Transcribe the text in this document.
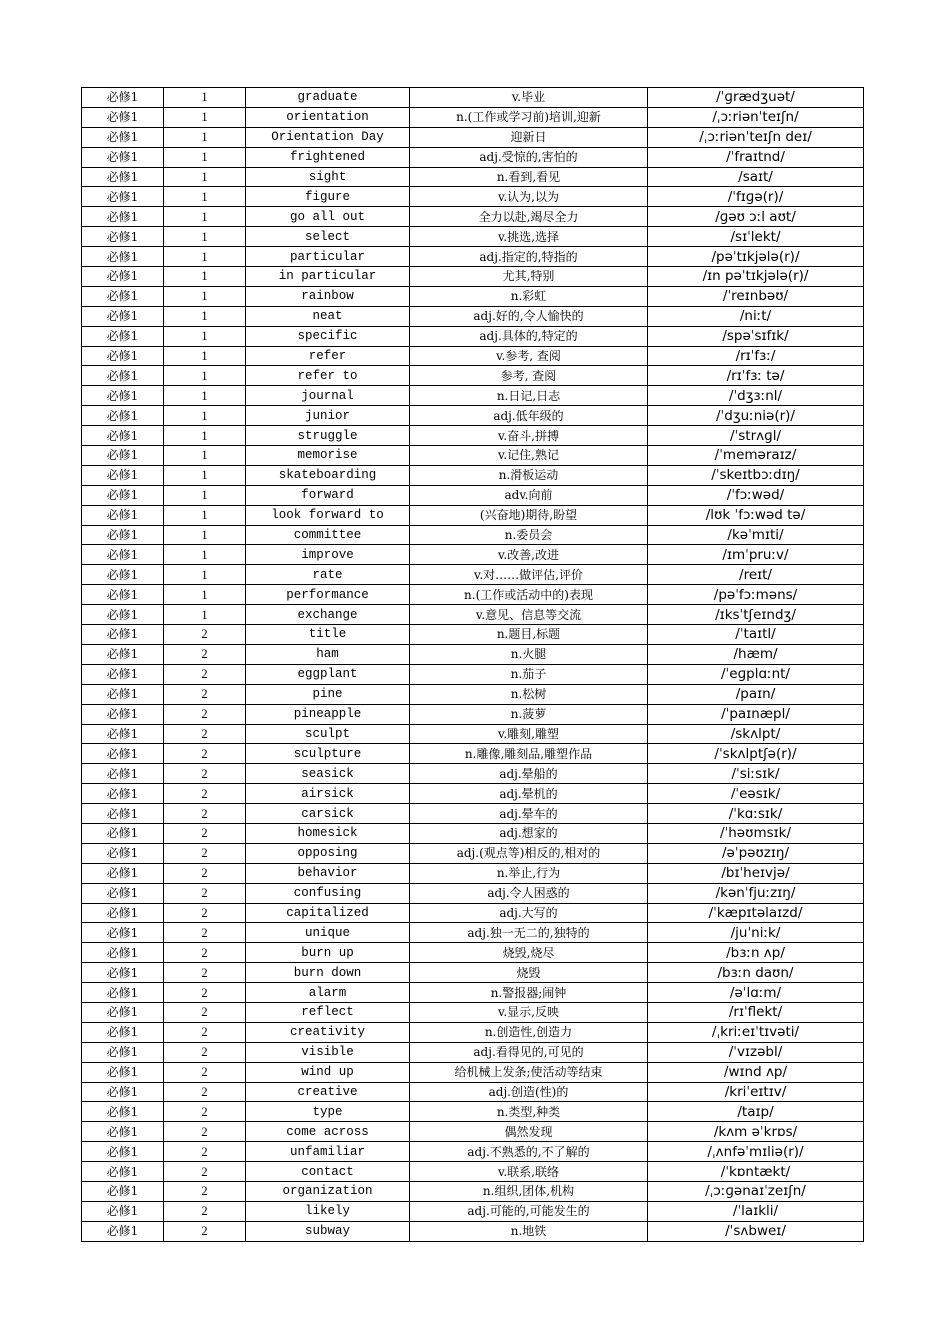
必修1	1	graduate	v.毕业	/ˈɡrædʒuət/
必修1	1	orientation	n.(工作或学习前)培训,迎新	/ˌɔːriənˈteɪʃn/
必修1	1	Orientation Day	迎新日	/ˌɔːriənˈteɪʃn deɪ/
必修1	1	frightened	adj.受惊的,害怕的	/ˈfraɪtnd/
必修1	1	sight	n.看到,看见	/saɪt/
必修1	1	figure	v.认为,以为	/ˈfɪɡə(r)/
必修1	1	go all out	全力以赴,竭尽全力	/ɡəʊ ɔːl aʊt/
必修1	1	select	v.挑选,选择	/sɪˈlekt/
必修1	1	particular	adj.指定的,特指的	/pəˈtɪkjələ(r)/
必修1	1	in particular	尤其,特别	/ɪn pəˈtɪkjələ(r)/
必修1	1	rainbow	n.彩虹	/ˈreɪnbəʊ/
必修1	1	neat	adj.好的,令人愉快的	/niːt/
必修1	1	specific	adj.具体的,特定的	/spəˈsɪfɪk/
必修1	1	refer	v.参考, 查阅	/rɪˈfɜː/
必修1	1	refer to	参考, 查阅	/rɪˈfɜː tə/
必修1	1	journal	n.日记,日志	/ˈdʒɜːnl/
必修1	1	junior	adj.低年级的	/ˈdʒuːniə(r)/
必修1	1	struggle	v.奋斗,拼搏	/ˈstrʌɡl/
必修1	1	memorise	v.记住,熟记	/ˈmeməraɪz/
必修1	1	skateboarding	n.滑板运动	/ˈskeɪtbɔːdɪŋ/
必修1	1	forward	adv.向前	/ˈfɔːwəd/
必修1	1	look forward to	(兴奋地)期待,盼望	/lʊk ˈfɔːwəd tə/
必修1	1	committee	n.委员会	/kəˈmɪti/
必修1	1	improve	v.改善,改进	/ɪmˈpruːv/
必修1	1	rate	v.对……做评估,评价	/reɪt/
必修1	1	performance	n.(工作或活动中的)表现	/pəˈfɔːməns/
必修1	1	exchange	v.意见、信息等交流	/ɪksˈtʃeɪndʒ/
必修1	2	title	n.题目,标题	/ˈtaɪtl/
必修1	2	ham	n.火腿	/hæm/
必修1	2	eggplant	n.茄子	/ˈeɡplɑːnt/
必修1	2	pine	n.松树	/paɪn/
必修1	2	pineapple	n.菠萝	/ˈpaɪnæpl/
必修1	2	sculpt	v.雕刻,雕塑	/skʌlpt/
必修1	2	sculpture	n.雕像,雕刻品,雕塑作品	/ˈskʌlptʃə(r)/
必修1	2	seasick	adj.晕船的	/ˈsiːsɪk/
必修1	2	airsick	adj.晕机的	/ˈeəsɪk/
必修1	2	carsick	adj.晕车的	/ˈkɑːsɪk/
必修1	2	homesick	adj.想家的	/ˈhəʊmsɪk/
必修1	2	opposing	adj.(观点等)相反的,相对的	/əˈpəʊzɪŋ/
必修1	2	behavior	n.举止,行为	/bɪˈheɪvjə/
必修1	2	confusing	adj.令人困惑的	/kənˈfjuːzɪŋ/
必修1	2	capitalized	adj.大写的	/ˈkæpɪtəlaɪzd/
必修1	2	unique	adj.独一无二的,独特的	/juˈniːk/
必修1	2	burn up	烧毁,烧尽	/bɜːn ʌp/
必修1	2	burn down	烧毁	/bɜːn daʊn/
必修1	2	alarm	n.警报器;闹钟	/əˈlɑːm/
必修1	2	reflect	v.显示,反映	/rɪˈflekt/
必修1	2	creativity	n.创造性,创造力	/ˌkriːeɪˈtɪvəti/
必修1	2	visible	adj.看得见的,可见的	/ˈvɪzəbl/
必修1	2	wind up	给机械上发条;使活动等结束	/wɪnd ʌp/
必修1	2	creative	adj.创造(性)的	/kriˈeɪtɪv/
必修1	2	type	n.类型,种类	/taɪp/
必修1	2	come across	偶然发现	/kʌm əˈkrɒs/
必修1	2	unfamiliar	adj.不熟悉的,不了解的	/ˌʌnfəˈmɪliə(r)/
必修1	2	contact	v.联系,联络	/ˈkɒntækt/
必修1	2	organization	n.组织,团体,机构	/ˌɔːɡənaɪˈzeɪʃn/
必修1	2	likely	adj.可能的,可能发生的	/ˈlaɪkli/
必修1	2	subway	n.地铁	/ˈsʌbweɪ/
